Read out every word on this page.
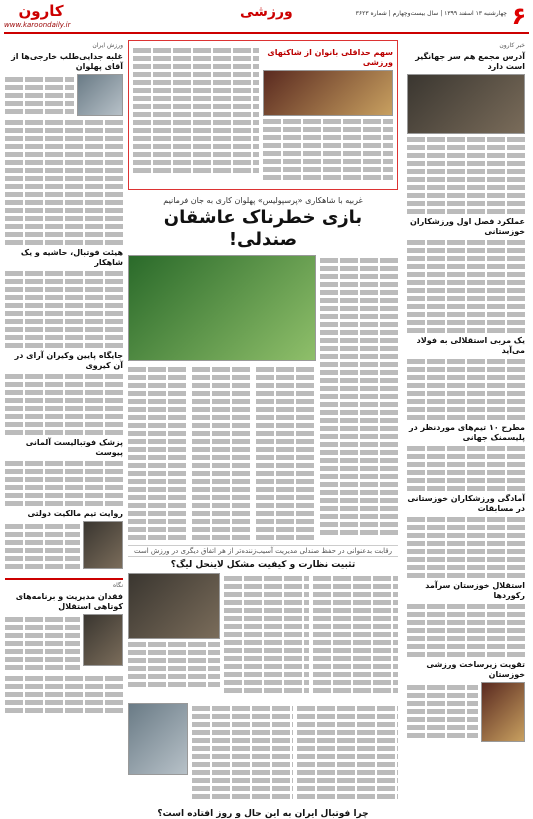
۶
چهارشنبه ۱۳ اسفند ۱۳۹۹ | سال بیست‌وچهارم | شماره ۳۶۲۳
ورزشی
کارون
www.karoondaily.ir
خبر کارون
آدرس مجمع هم سر جهانگیر است دارد
عملکرد فصل اول ورزشکاران خوزستانی
یک مربی استقلالی به فولاد می‌آید
مطرح ۱۰ تیم‌های موردنظر در پلیسمنک جهانی
آمادگی ورزشکاران خوزستانی در مسابقات
استقلال خوزستان سرآمد رکوردها
تقویت زیرساخت ورزشی خوزستان
سهم حداقلی بانوان از شاکتهای ورزشی
غربیه با شاهکاری «پرسپولیس» پهلوان کاری به جان فرمانیم
بازی خطرناک عاشقان صندلی!
رقابت بدعنوانی در حفظ صندلی مدیریت آسیب‌زننده‌تر از هر اتفاق دیگری در ورزش است
تثبیت نظارت و کیفیت مشکل لاینحل لیگ؟
چرا فوتبال ایران به این حال و روز افتاده است؟
ورزش ایران
غلبه جدایی‌طلب خارجی‌ها از آقای پهلوان
هیئت فوتبال، حاشیه و یک شاهکار
جایگاه پایین وکیران آرای در آن کیروی
پزشک فوتبالیست آلمانی پیوست
روایت تیم مالکیت دولتی
نگاه
فقدان مدیریت و برنامه‌های کوتاهی استقلال
